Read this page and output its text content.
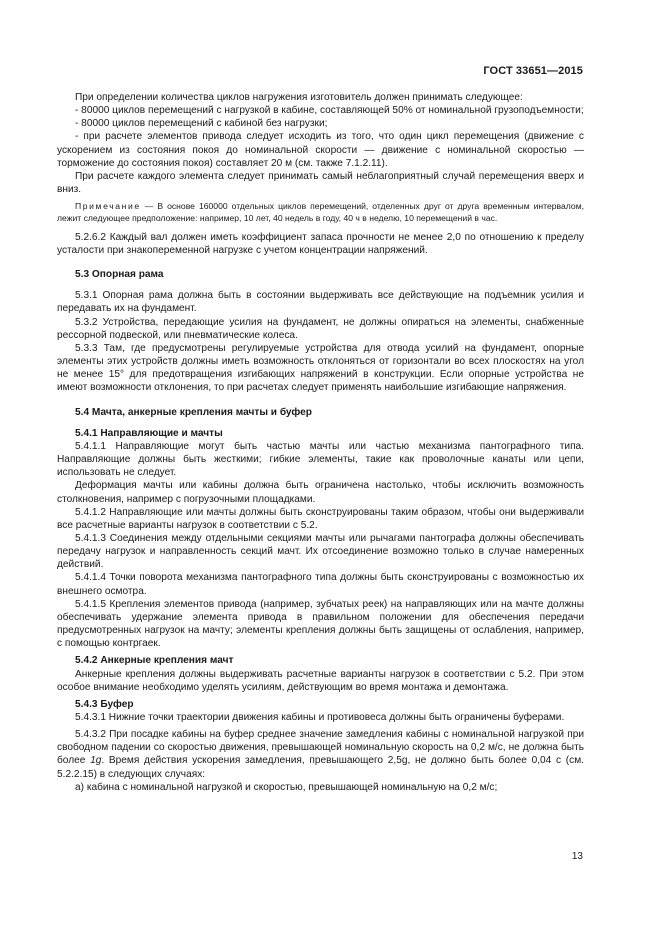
ГОСТ 33651—2015

При определении количества циклов нагружения изготовитель должен принимать следующее:

- 80000 циклов перемещений с нагрузкой в кабине, составляющей 50% от номинальной грузоподъемности;

- 80000 циклов перемещений с кабиной без нагрузки;

- при расчете элементов привода следует исходить из того, что один цикл перемещения (движение с ускорением из состояния покоя до номинальной скорости — движение с номинальной скоростью — торможение до состояния покоя) составляет 20 м (см. также 7.1.2.11).

При расчете каждого элемента следует принимать самый неблагоприятный случай перемещения вверх и вниз.

Примечание — В основе 160000 отдельных циклов перемещений, отделенных друг от друга временным интервалом, лежит следующее предположение: например, 10 лет, 40 недель в году, 40 ч в неделю, 10 перемещений в час.

5.2.6.2 Каждый вал должен иметь коэффициент запаса прочности не менее 2,0 по отношению к пределу усталости при знакопеременной нагрузке с учетом концентрации напряжений.

5.3 Опорная рама

5.3.1 Опорная рама должна быть в состоянии выдерживать все действующие на подъемник усилия и передавать их на фундамент.

5.3.2 Устройства, передающие усилия на фундамент, не должны опираться на элементы, снабженные рессорной подвеской, или пневматические колеса.

5.3.3 Там, где предусмотрены регулируемые устройства для отвода усилий на фундамент, опорные элементы этих устройств должны иметь возможность отклоняться от горизонтали во всех плоскостях на угол не менее 15° для предотвращения изгибающих напряжений в конструкции. Если опорные устройства не имеют возможности отклонения, то при расчетах следует применять наибольшие изгибающие напряжения.

5.4 Мачта, анкерные крепления мачты и буфер

5.4.1 Направляющие и мачты

5.4.1.1 Направляющие могут быть частью мачты или частью механизма пантографного типа. Направляющие должны быть жесткими; гибкие элементы, такие как проволочные канаты или цепи, использовать не следует.

Деформация мачты или кабины должна быть ограничена настолько, чтобы исключить возможность столкновения, например с погрузочными площадками.

5.4.1.2 Направляющие или мачты должны быть сконструированы таким образом, чтобы они выдерживали все расчетные варианты нагрузок в соответствии с 5.2.

5.4.1.3 Соединения между отдельными секциями мачты или рычагами пантографа должны обеспечивать передачу нагрузок и направленность секций мачт. Их отсоединение возможно только в случае намеренных действий.

5.4.1.4 Точки поворота механизма пантографного типа должны быть сконструированы с возможностью их внешнего осмотра.

5.4.1.5 Крепления элементов привода (например, зубчатых реек) на направляющих или на мачте должны обеспечивать удержание элемента привода в правильном положении для обеспечения передачи предусмотренных нагрузок на мачту; элементы крепления должны быть защищены от ослабления, например, с помощью контргаек.

5.4.2 Анкерные крепления мачт

Анкерные крепления должны выдерживать расчетные варианты нагрузок в соответствии с 5.2. При этом особое внимание необходимо уделять усилиям, действующим во время монтажа и демонтажа.

5.4.3 Буфер

5.4.3.1 Нижние точки траектории движения кабины и противовеса должны быть ограничены буферами.

5.4.3.2 При посадке кабины на буфер среднее значение замедления кабины с номинальной нагрузкой при свободном падении со скоростью движения, превышающей номинальную скорость на 0,2 м/с, не должна быть более 1g. Время действия ускорения замедления, превышающего 2,5g, не должно быть более 0,04 с (см. 5.2.2.15) в следующих случаях:

а) кабина с номинальной нагрузкой и скоростью, превышающей номинальную на 0,2 м/с;

13
